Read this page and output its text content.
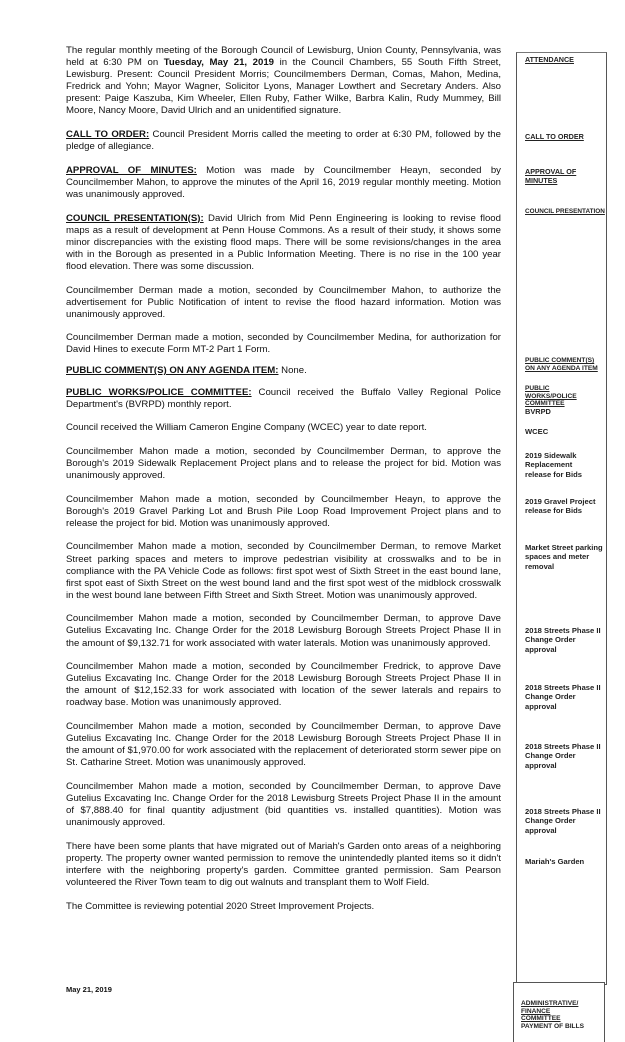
The regular monthly meeting of the Borough Council of Lewisburg, Union County, Pennsylvania, was held at 6:30 PM on Tuesday, May 21, 2019 in the Council Chambers, 55 South Fifth Street, Lewisburg. Present: Council President Morris; Councilmembers Derman, Comas, Mahon, Medina, Fredrick and Yohn; Mayor Wagner, Solicitor Lyons, Manager Lowthert and Secretary Anders. Also present: Paige Kaszuba, Kim Wheeler, Ellen Ruby, Father Wilke, Barbra Kalin, Rudy Mummey, Bill Moore, Nancy Moore, David Ulrich and an unidentified signature.

CALL TO ORDER: Council President Morris called the meeting to order at 6:30 PM, followed by the pledge of allegiance.

APPROVAL OF MINUTES: Motion was made by Councilmember Heayn, seconded by Councilmember Mahon, to approve the minutes of the April 16, 2019 regular monthly meeting. Motion was unanimously approved.

COUNCIL PRESENTATION(S): David Ulrich from Mid Penn Engineering is looking to revise flood maps as a result of development at Penn House Commons. As a result of their study, it shows some minor discrepancies with the existing flood maps. There will be some revisions/changes in the area with in the Borough as presented in a Public Information Meeting. There is no rise in the 100 year flood elevation. There was some discussion.

Councilmember Derman made a motion, seconded by Councilmember Mahon, to authorize the advertisement for Public Notification of intent to revise the flood hazard information. Motion was unanimously approved.

Councilmember Derman made a motion, seconded by Councilmember Medina, for authorization for David Hines to execute Form MT-2 Part 1 Form.

PUBLIC COMMENT(S) ON ANY AGENDA ITEM: None.

PUBLIC WORKS/POLICE COMMITTEE: Council received the Buffalo Valley Regional Police Department's (BVRPD) monthly report.

Council received the William Cameron Engine Company (WCEC) year to date report.

Councilmember Mahon made a motion, seconded by Councilmember Derman, to approve the Borough's 2019 Sidewalk Replacement Project plans and to release the project for bid. Motion was unanimously approved.

Councilmember Mahon made a motion, seconded by Councilmember Heayn, to approve the Borough's 2019 Gravel Parking Lot and Brush Pile Loop Road Improvement Project plans and to release the project for bid. Motion was unanimously approved.

Councilmember Mahon made a motion, seconded by Councilmember Derman, to remove Market Street parking spaces and meters to improve pedestrian visibility at crosswalks and to be in compliance with the PA Vehicle Code as follows: first spot west of Sixth Street in the east bound lane, first spot east of Sixth Street on the west bound land and the first spot west of the midblock crosswalk in the west bound lane between Fifth Street and Sixth Street. Motion was unanimously approved.

Councilmember Mahon made a motion, seconded by Councilmember Derman, to approve Dave Gutelius Excavating Inc. Change Order for the 2018 Lewisburg Borough Streets Project Phase II in the amount of $9,132.71 for work associated with water laterals. Motion was unanimously approved.

Councilmember Mahon made a motion, seconded by Councilmember Fredrick, to approve Dave Gutelius Excavating Inc. Change Order for the 2018 Lewisburg Borough Streets Project Phase II in the amount of $12,152.33 for work associated with location of the sewer laterals and repairs to roadway base. Motion was unanimously approved.

Councilmember Mahon made a motion, seconded by Councilmember Derman, to approve Dave Gutelius Excavating Inc. Change Order for the 2018 Lewisburg Borough Streets Project Phase II in the amount of $1,970.00 for work associated with the replacement of deteriorated storm sewer pipe on St. Catharine Street. Motion was unanimously approved.

Councilmember Mahon made a motion, seconded by Councilmember Derman, to approve Dave Gutelius Excavating Inc. Change Order for the 2018 Lewisburg Streets Project Phase II in the amount of $7,888.40 for final quantity adjustment (bid quantities vs. installed quantities). Motion was unanimously approved.

There have been some plants that have migrated out of Mariah's Garden onto areas of a neighboring property. The property owner wanted permission to remove the unintendedly planted items so it didn't interfere with the neighboring property's garden. Committee granted permission. Sam Pearson volunteered the River Town team to dig out walnuts and transplant them to Wolf Field.

The Committee is reviewing potential 2020 Street Improvement Projects.

May 21, 2019
ATTENDANCE
CALL TO ORDER
APPROVAL OF MINUTES
COUNCIL PRESENTATION
PUBLIC COMMENT(S) ON ANY AGENDA ITEM
PUBLIC WORKS/POLICE COMMITTEE
BVRPD
WCEC
2019 Sidewalk Replacement release for Bids
2019 Gravel Project release for Bids
Market Street parking spaces and meter removal
2018 Streets Phase II Change Order approval
2018 Streets Phase II Change Order approval
2018 Streets Phase II Change Order approval
2018 Streets Phase II Change Order approval
Mariah's Garden
ADMINISTRATIVE/
FINANCE
COMMITTEE
PAYMENT OF BILLS
